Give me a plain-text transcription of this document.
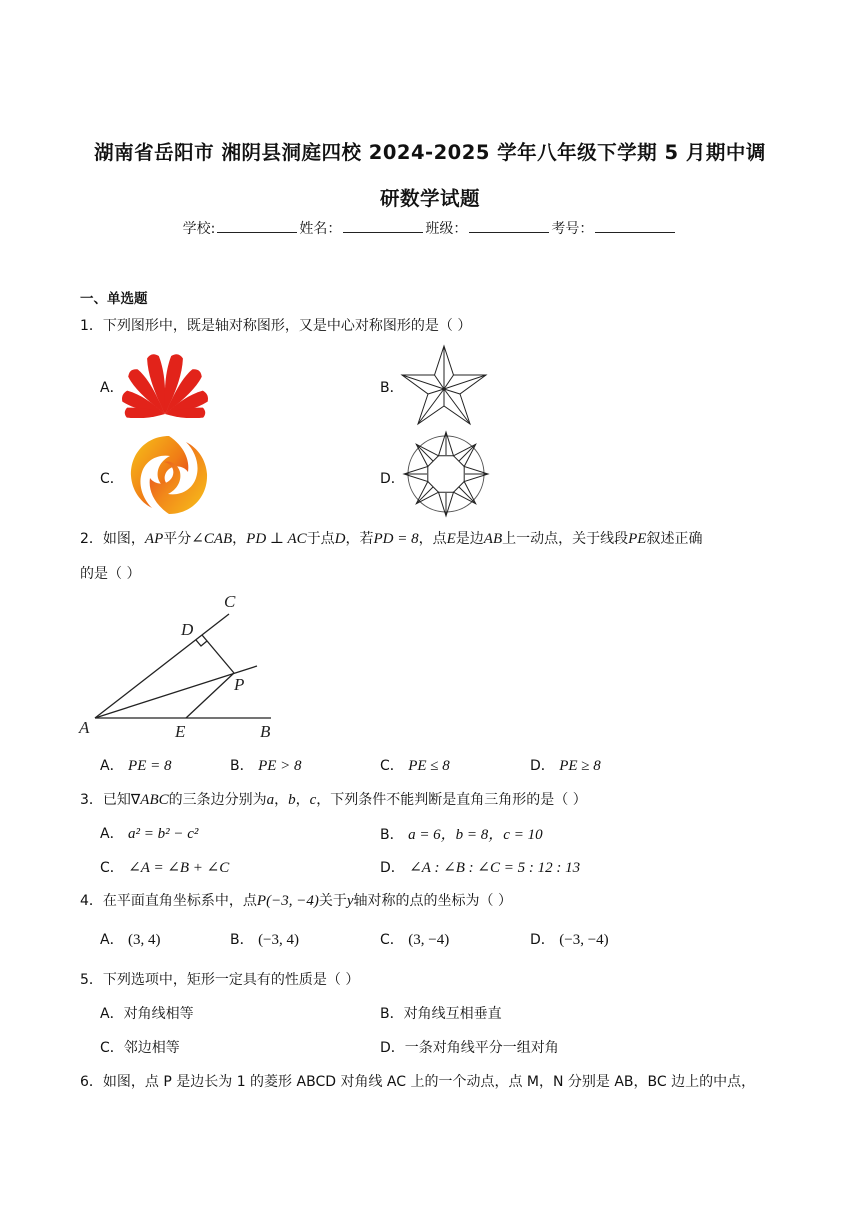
湖南省岳阳市 湘阴县洞庭四校 2024-2025 学年八年级下学期 5 月期中调
研数学试题
学校:	姓名：	班级：	考号：
一、单选题
1．下列图形中，既是轴对称图形，又是中心对称图形的是（ ）
A．	B．
C．	D．
2．如图，AP平分∠CAB，PD ⊥ AC于点D，若PD = 8，点E是边AB上一动点，关于线段PE叙述正确
的是（ ）
C
D
P
A	E	B
A． PE = 8	B． PE > 8	C． PE ≤ 8	D． PE ≥ 8
3．已知∇ABC的三条边分别为a，b，c，下列条件不能判断是直角三角形的是（ ）
A． a² = b² − c²	B． a = 6，b = 8，c = 10
C． ∠A = ∠B + ∠C	D． ∠A : ∠B : ∠C = 5 : 12 : 13
4．在平面直角坐标系中，点P(−3, −4)关于y轴对称的点的坐标为（ ）
A． (3, 4)	B． (−3, 4)	C． (3, −4)	D． (−3, −4)
5．下列选项中，矩形一定具有的性质是（ ）
A．对角线相等	B．对角线互相垂直
C．邻边相等	D．一条对角线平分一组对角
6．如图，点 P 是边长为 1 的菱形 ABCD 对角线 AC 上的一个动点，点 M，N 分别是 AB，BC 边上的中点，
